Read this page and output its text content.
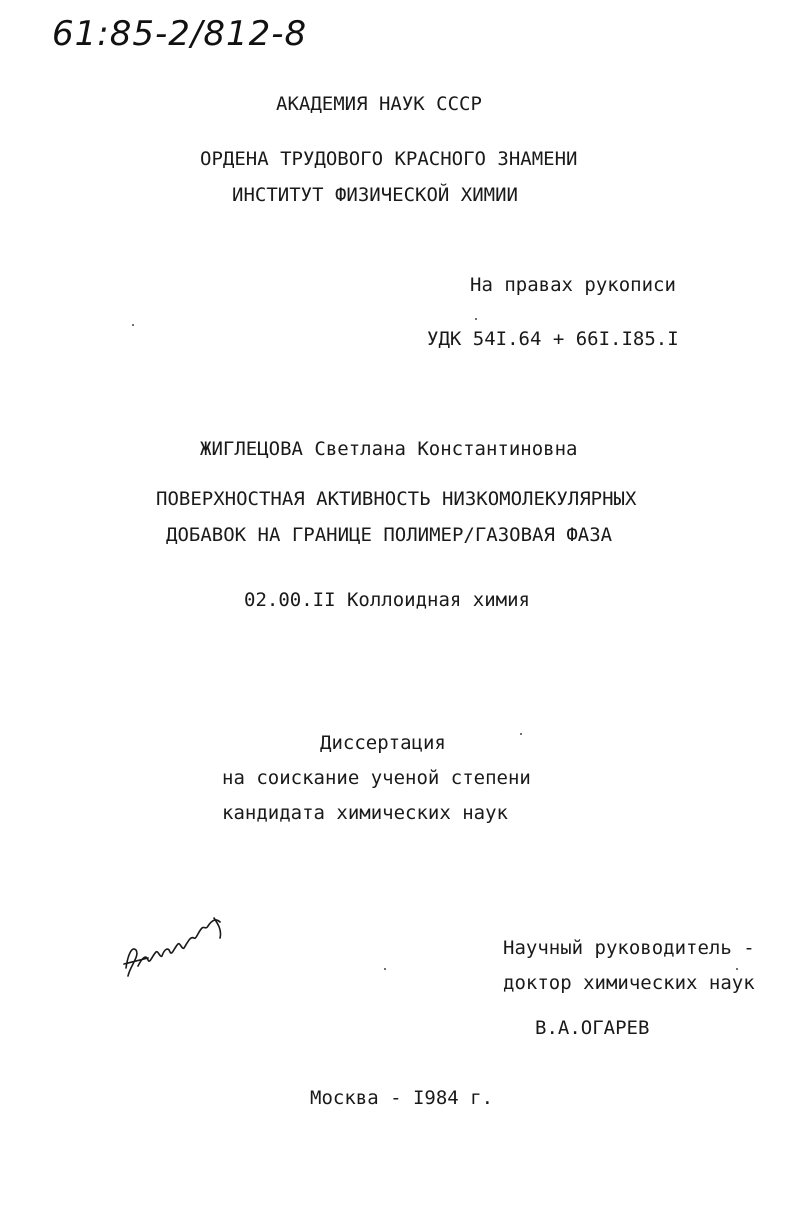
61:85-2/812-8
АКАДЕМИЯ НАУК СССР
ОРДЕНА ТРУДОВОГО КРАСНОГО ЗНАМЕНИ
ИНСТИТУТ ФИЗИЧЕСКОЙ ХИМИИ
На правах рукописи
УДК 54I.64 + 66I.I85.I
ЖИГЛЕЦОВА Светлана Константиновна
ПОВЕРХНОСТНАЯ АКТИВНОСТЬ НИЗКОМОЛЕКУЛЯРНЫХ
ДОБАВОК НА ГРАНИЦЕ ПОЛИМЕР/ГАЗОВАЯ ФАЗА
02.00.II Коллоидная химия
Диссертация
на соискание ученой степени
кандидата химических наук
Научный руководитель -
доктор химических наук
В.А.ОГАРЕВ
Москва - I984 г.
